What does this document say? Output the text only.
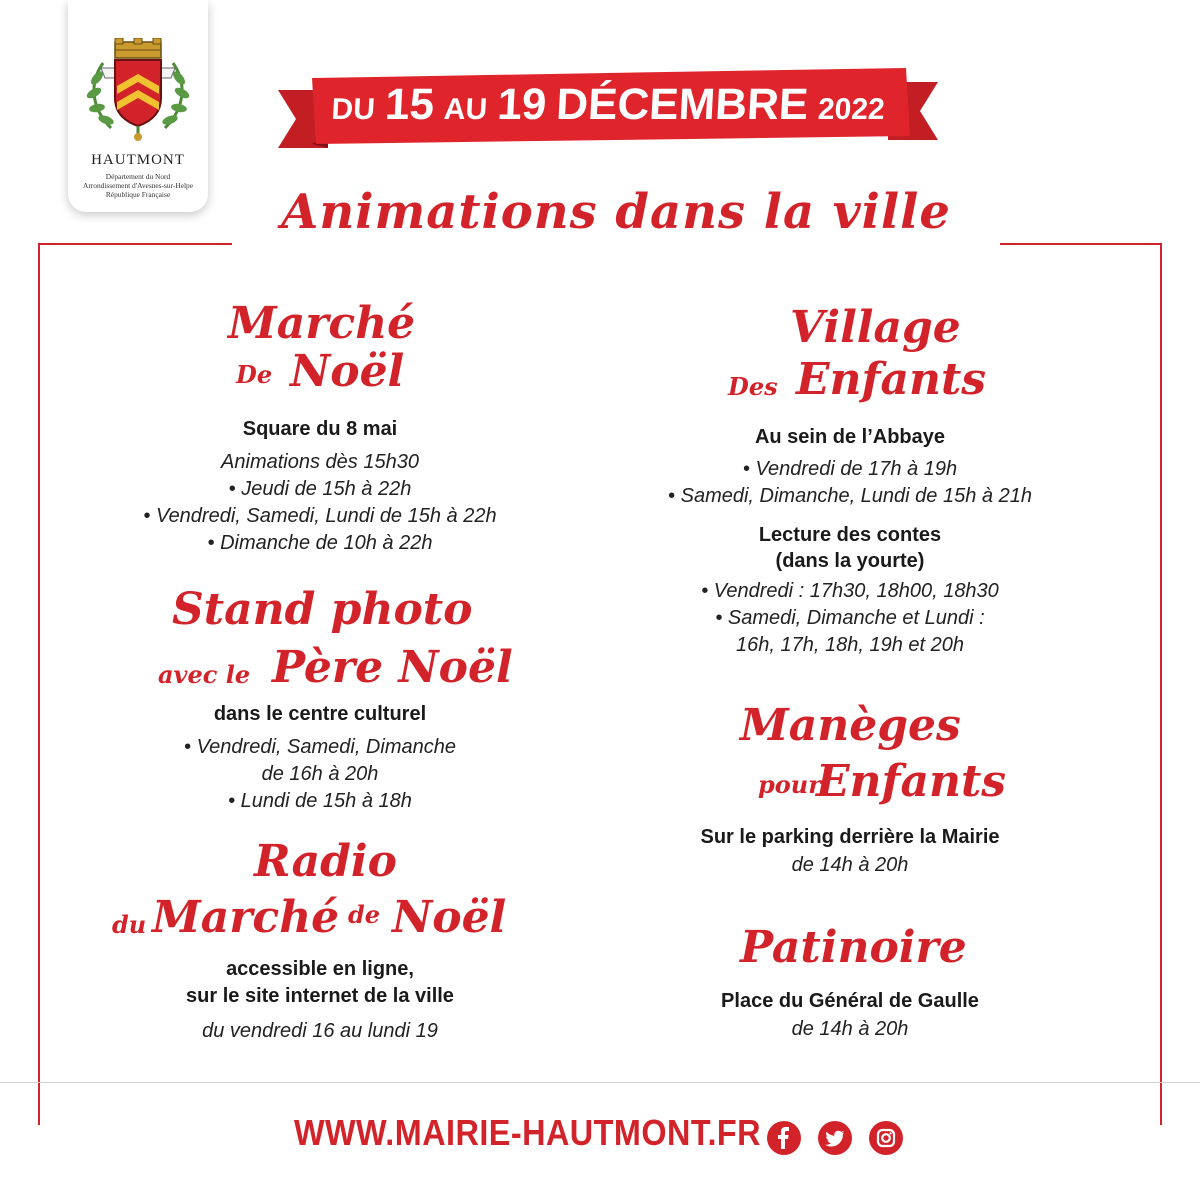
HAUTMONT
Département du Nord
Arrondissement d'Avesnes-sur-Helpe
République Française
DU 15 AU 19 DÉCEMBRE 2022
Animations dans la ville
Marché
De Noël
Square du 8 mai
Animations dès 15h30
• Jeudi de 15h à 22h
• Vendredi, Samedi, Lundi de 15h à 22h
• Dimanche de 10h à 22h
Stand photo
avec le Père Noël
dans le centre culturel
• Vendredi, Samedi, Dimanche
de 16h à 20h
• Lundi de 15h à 18h
Radio
du Marché de Noël
accessible en ligne,
sur le site internet de la ville
du vendredi 16 au lundi 19
Village
Des Enfants
Au sein de l’Abbaye
• Vendredi de 17h à 19h
• Samedi, Dimanche, Lundi de 15h à 21h
Lecture des contes
(dans la yourte)
• Vendredi : 17h30, 18h00, 18h30
• Samedi, Dimanche et Lundi :
16h, 17h, 18h, 19h et 20h
Manèges
pour
Enfants
Sur le parking derrière la Mairie
de 14h à 20h
Patinoire
Place du Général de Gaulle
de 14h à 20h
WWW.MAIRIE-HAUTMONT.FR
